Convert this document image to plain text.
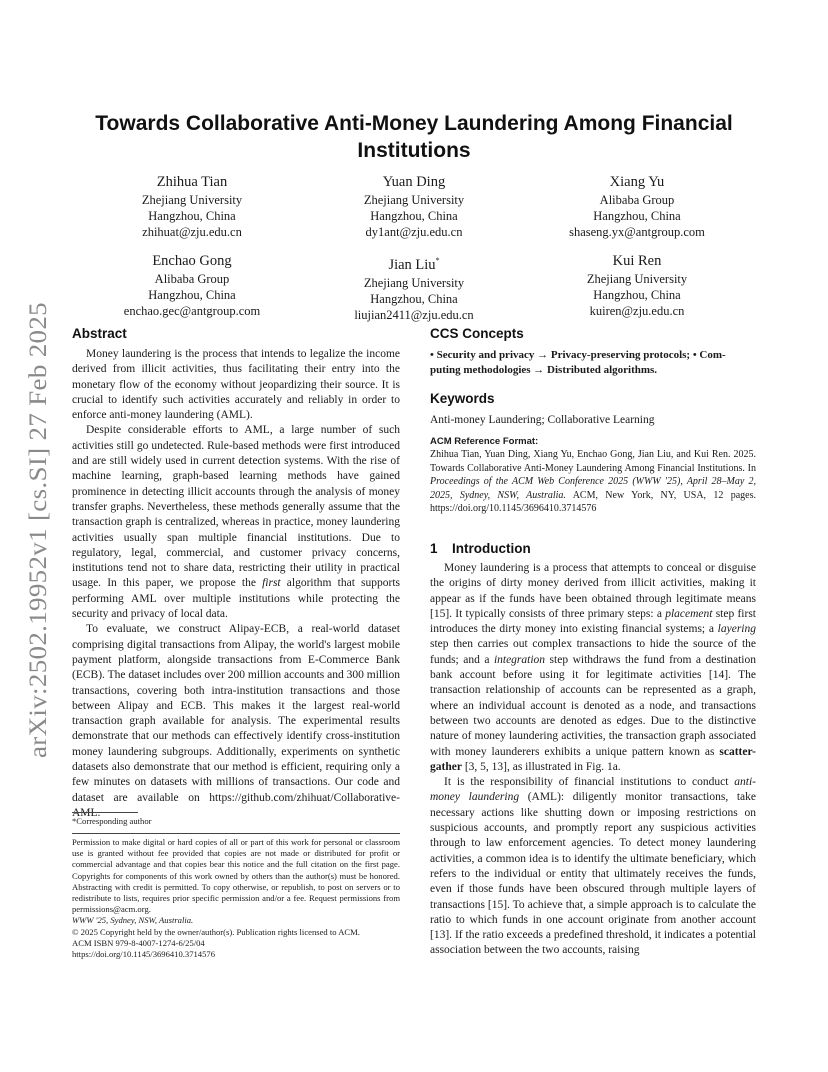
arXiv:2502.19952v1 [cs.SI] 27 Feb 2025
Towards Collaborative Anti-Money Laundering Among Financial
Institutions
Zhihua Tian
Zhejiang University
Hangzhou, China
zhihuat@zju.edu.cn
Yuan Ding
Zhejiang University
Hangzhou, China
dy1ant@zju.edu.cn
Xiang Yu
Alibaba Group
Hangzhou, China
shaseng.yx@antgroup.com
Enchao Gong
Alibaba Group
Hangzhou, China
enchao.gec@antgroup.com
Jian Liu*
Zhejiang University
Hangzhou, China
liujian2411@zju.edu.cn
Kui Ren
Zhejiang University
Hangzhou, China
kuiren@zju.edu.cn
Abstract

Money laundering is the process that intends to legalize the income derived from illicit activities, thus facilitating their entry into the monetary flow of the economy without jeopardizing their source. It is crucial to identify such activities accurately and reliably in order to enforce anti-money laundering (AML).

Despite considerable efforts to AML, a large number of such activities still go undetected. Rule-based methods were first introduced and are still widely used in current detection systems. With the rise of machine learning, graph-based learning methods have gained prominence in detecting illicit accounts through the analysis of money transfer graphs. Nevertheless, these methods generally assume that the transaction graph is centralized, whereas in practice, money laundering activities usually span multiple financial institutions. Due to regulatory, legal, commercial, and customer privacy concerns, institutions tend not to share data, restricting their utility in practical usage. In this paper, we propose the first algorithm that supports performing AML over multiple institutions while protecting the security and privacy of local data.

To evaluate, we construct Alipay-ECB, a real-world dataset comprising digital transactions from Alipay, the world's largest mobile payment platform, alongside transactions from E-Commerce Bank (ECB). The dataset includes over 200 million accounts and 300 million transactions, covering both intra-institution transactions and those between Alipay and ECB. This makes it the largest real-world transaction graph available for analysis. The experimental results demonstrate that our methods can effectively identify cross-institution money laundering subgroups. Additionally, experiments on synthetic datasets also demonstrate that our method is efficient, requiring only a few minutes on datasets with millions of transactions. Our code and dataset are available on https://github.com/zhihuat/Collaborative-AML.

*Corresponding author
Permission to make digital or hard copies of all or part of this work for personal or classroom use is granted without fee provided that copies are not made or distributed for profit or commercial advantage and that copies bear this notice and the full citation on the first page. Copyrights for components of this work owned by others than the author(s) must be honored. Abstracting with credit is permitted. To copy otherwise, or republish, to post on servers or to redistribute to lists, requires prior specific permission and/or a fee. Request permissions from permissions@acm.org.
WWW '25, Sydney, NSW, Australia.
© 2025 Copyright held by the owner/author(s). Publication rights licensed to ACM.
ACM ISBN 979-8-4007-1274-6/25/04
https://doi.org/10.1145/3696410.3714576
CCS Concepts
• Security and privacy → Privacy-preserving protocols; • Com-
puting methodologies → Distributed algorithms.
Keywords
Anti-money Laundering; Collaborative Learning
ACM Reference Format:
Zhihua Tian, Yuan Ding, Xiang Yu, Enchao Gong, Jian Liu, and Kui Ren. 2025. Towards Collaborative Anti-Money Laundering Among Financial Institutions. In Proceedings of the ACM Web Conference 2025 (WWW '25), April 28–May 2, 2025, Sydney, NSW, Australia. ACM, New York, NY, USA, 12 pages. https://doi.org/10.1145/3696410.3714576
1 Introduction

Money laundering is a process that attempts to conceal or disguise the origins of dirty money derived from illicit activities, making it appear as if the funds have been obtained through legitimate means [15]. It typically consists of three primary steps: a placement step first introduces the dirty money into existing financial systems; a layering step then carries out complex transactions to hide the source of the funds; and a integration step withdraws the fund from a destination bank account before using it for legitimate activities [14]. The transaction relationship of accounts can be represented as a graph, where an individual account is denoted as a node, and transactions between two accounts are denoted as edges. Due to the distinctive nature of money laundering activities, the transaction graph associated with money launderers exhibits a unique pattern known as scatter-gather [3, 5, 13], as illustrated in Fig. 1a.

It is the responsibility of financial institutions to conduct anti-money laundering (AML): diligently monitor transactions, take necessary actions like shutting down or imposing restrictions on suspicious accounts, and promptly report any suspicious activities through to law enforcement agencies. To detect money laundering activities, a common idea is to identify the ultimate beneficiary, which refers to the individual or entity that ultimately receives the funds, even if those funds have been obscured through multiple layers of transactions [15]. To achieve that, a simple approach is to calculate the ratio to which funds in one account originate from another account [13]. If the ratio exceeds a predefined threshold, it indicates a potential association between the two accounts, raising
